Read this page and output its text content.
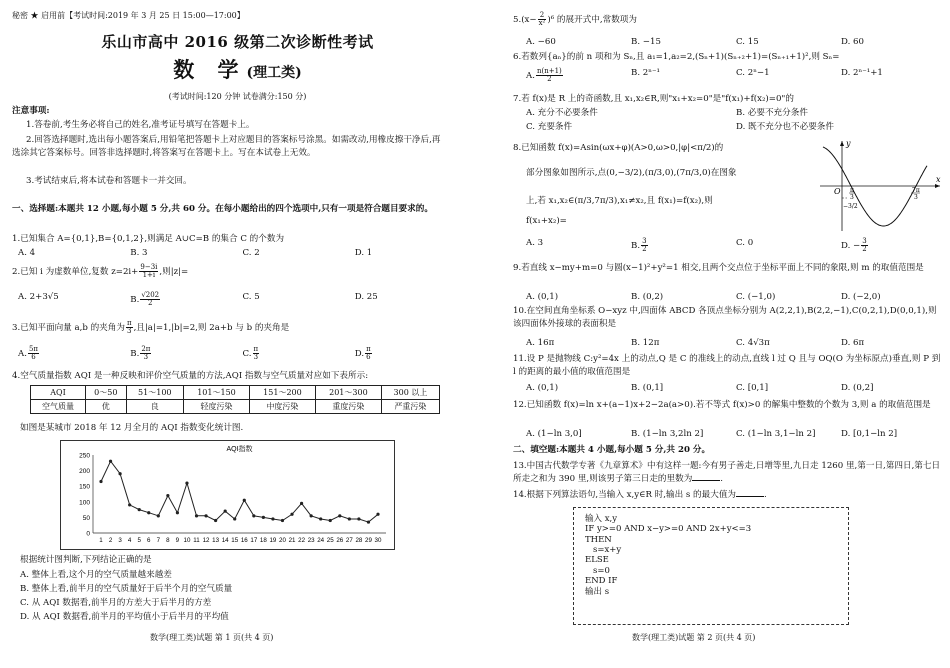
秘密 ★ 启用前【考试时间:2019 年 3 月 25 日 15:00—17:00】
乐山市高中 2016 级第二次诊断性考试
数 学(理工类)
(考试时间:120 分钟 试卷满分:150 分)
注意事项:
1.答卷前,考生务必将自己的姓名,准考证号填写在答题卡上。
2.回答选择题时,选出每小题答案后,用铅笔把答题卡上对应题目的答案标号涂黑。如需改动,用橡皮擦干净后,再选涂其它答案标号。回答非选择题时,将答案写在答题卡上。写在本试卷上无效。
3.考试结束后,将本试卷和答题卡一并交回。
一、选择题:本题共 12 小题,每小题 5 分,共 60 分。在每小题给出的四个选项中,只有一项是符合题目要求的。
1.已知集合 A={0,1},B={0,1,2},则满足 A∪C=B 的集合 C 的个数为
A. 4	B. 3	C. 2	D. 1
2.已知 i 为虚数单位,复数 $z=2i+ \frac{9-3i}{1+i}$ ,则|z|=
A. 2+3√5	B. $\frac{√202}{2}$	C. 5	D. 25
3.已知平面向量 a,b 的夹角为 $\frac{\pi}{3}$ ,且|a|=1,|b|=2,则 2a+b 与 b 的夹角是
A. $\frac{5\pi}{6}$	B. $\frac{2\pi}{3}$	C. $\frac{\pi}{3}$	D. $\frac{\pi}{6}$
4.空气质量指数 AQI 是一种反映和评价空气质量的方法,AQI 指数与空气质量对应如下表所示:
AQI	0～50	51～100	101～150	151～200	201～300	300 以上
空气质量	优	良	轻度污染	中度污染	重度污染	严重污染
如图是某城市 2018 年 12 月全月的 AQI 指数变化统计图.
AQI指数
0
50
100
150
200
250
1 2 3 4 5 6 7 8 9 10 11 12 13 14 15 16 17 18 19 20 21 22 23 24 25 26 27 28 29 30
根据统计图判断,下列结论正确的是
A. 整体上看,这个月的空气质量越来越差
B. 整体上看,前半月的空气质量好于后半个月的空气质量
C. 从 AQI 数据看,前半月的方差大于后半月的方差
D. 从 AQI 数据看,前半月的平均值小于后半月的平均值
数学(理工类)试题 第 1 页(共 4 页)
$5.(x- \frac{2}{\text{x²}} )^6$ 的展开式中,常数项为
A. −60	B. −15	C. 15	D. 60
6.若数列{aₙ}的前 n 项和为 Sₙ,且 a₁=1,a₂=2,(Sₙ+1)(Sₙ₊₂+1)=(Sₙ₊₁+1)²,则 Sₙ=
A. $\frac{n(n+1)}{2}$	B. 2ⁿ⁻¹	C. 2ⁿ−1	D. 2ⁿ⁻¹+1
7.若 f(x)是 R 上的奇函数,且 x₁,x₂∈R,则"x₁+x₂=0"是"f(x₁)+f(x₂)=0"的
A. 充分不必要条件	B. 必要不充分条件
C. 充要条件	D. 既不充分也不必要条件
8.已知函数 f(x)=Asin(ωx+φ)(A>0,ω>0,|φ|<π/2)的
部分图象如图所示,点(0,−3/2),(π/3,0),(7π/3,0)在图象
上,若 x₁,x₂∈(π/3,7π/3),x₁≠x₂,且 f(x₁)=f(x₂),则
f(x₁+x₂)=
y
x
O π
3
−3/2
7π
3
A. 3	B. $\frac{3}{2}$	C. 0	D. − $\frac{3}{2}$
9.若直线 x−my+m=0 与圆(x−1)²+y²=1 相交,且两个交点位于坐标平面上不同的象限,则 m 的取值范围是
A. (0,1)	B. (0,2)	C. (−1,0)	D. (−2,0)
10.在空间直角坐标系 O−xyz 中,四面体 ABCD 各顶点坐标分别为 A(2,2,1),B(2,2,−1),C(0,2,1),D(0,0,1),则该四面体外接球的表面积是
A. 16π	B. 12π	C. 4√3π	D. 6π
11.设 P 是抛物线 C:y²=4x 上的动点,Q 是 C 的准线上的动点,直线 l 过 Q 且与 OQ(O 为坐标原点)垂直,则 P 到 l 的距离的最小值的取值范围是
A. (0,1)	B. (0,1]	C. [0,1]	D. (0,2]
12.已知函数 f(x)=ln x+(a−1)x+2−2a(a>0).若不等式 f(x)>0 的解集中整数的个数为 3,则 a 的取值范围是
A. (1−ln 3,0]	B. (1−ln 3,2ln 2]	C. (1−ln 3,1−ln 2]	D. [0,1−ln 2]
二、填空题:本题共 4 小题,每小题 5 分,共 20 分。
13.中国古代数学专著《九章算术》中有这样一题:今有男子善走,日增等里,九日走 1260 里,第一日,第四日,第七日所走之和为 390 里,则该男子第三日走的里数为	.
14.根据下列算法语句,当输入 x,y∈R 时,输出 s 的最大值为	.
输入 x,y
IF y>=0 AND x−y>=0 AND 2x+y<=3
THEN
s=x+y
ELSE
s=0
END IF
输出 s
数学(理工类)试题 第 2 页(共 4 页)
